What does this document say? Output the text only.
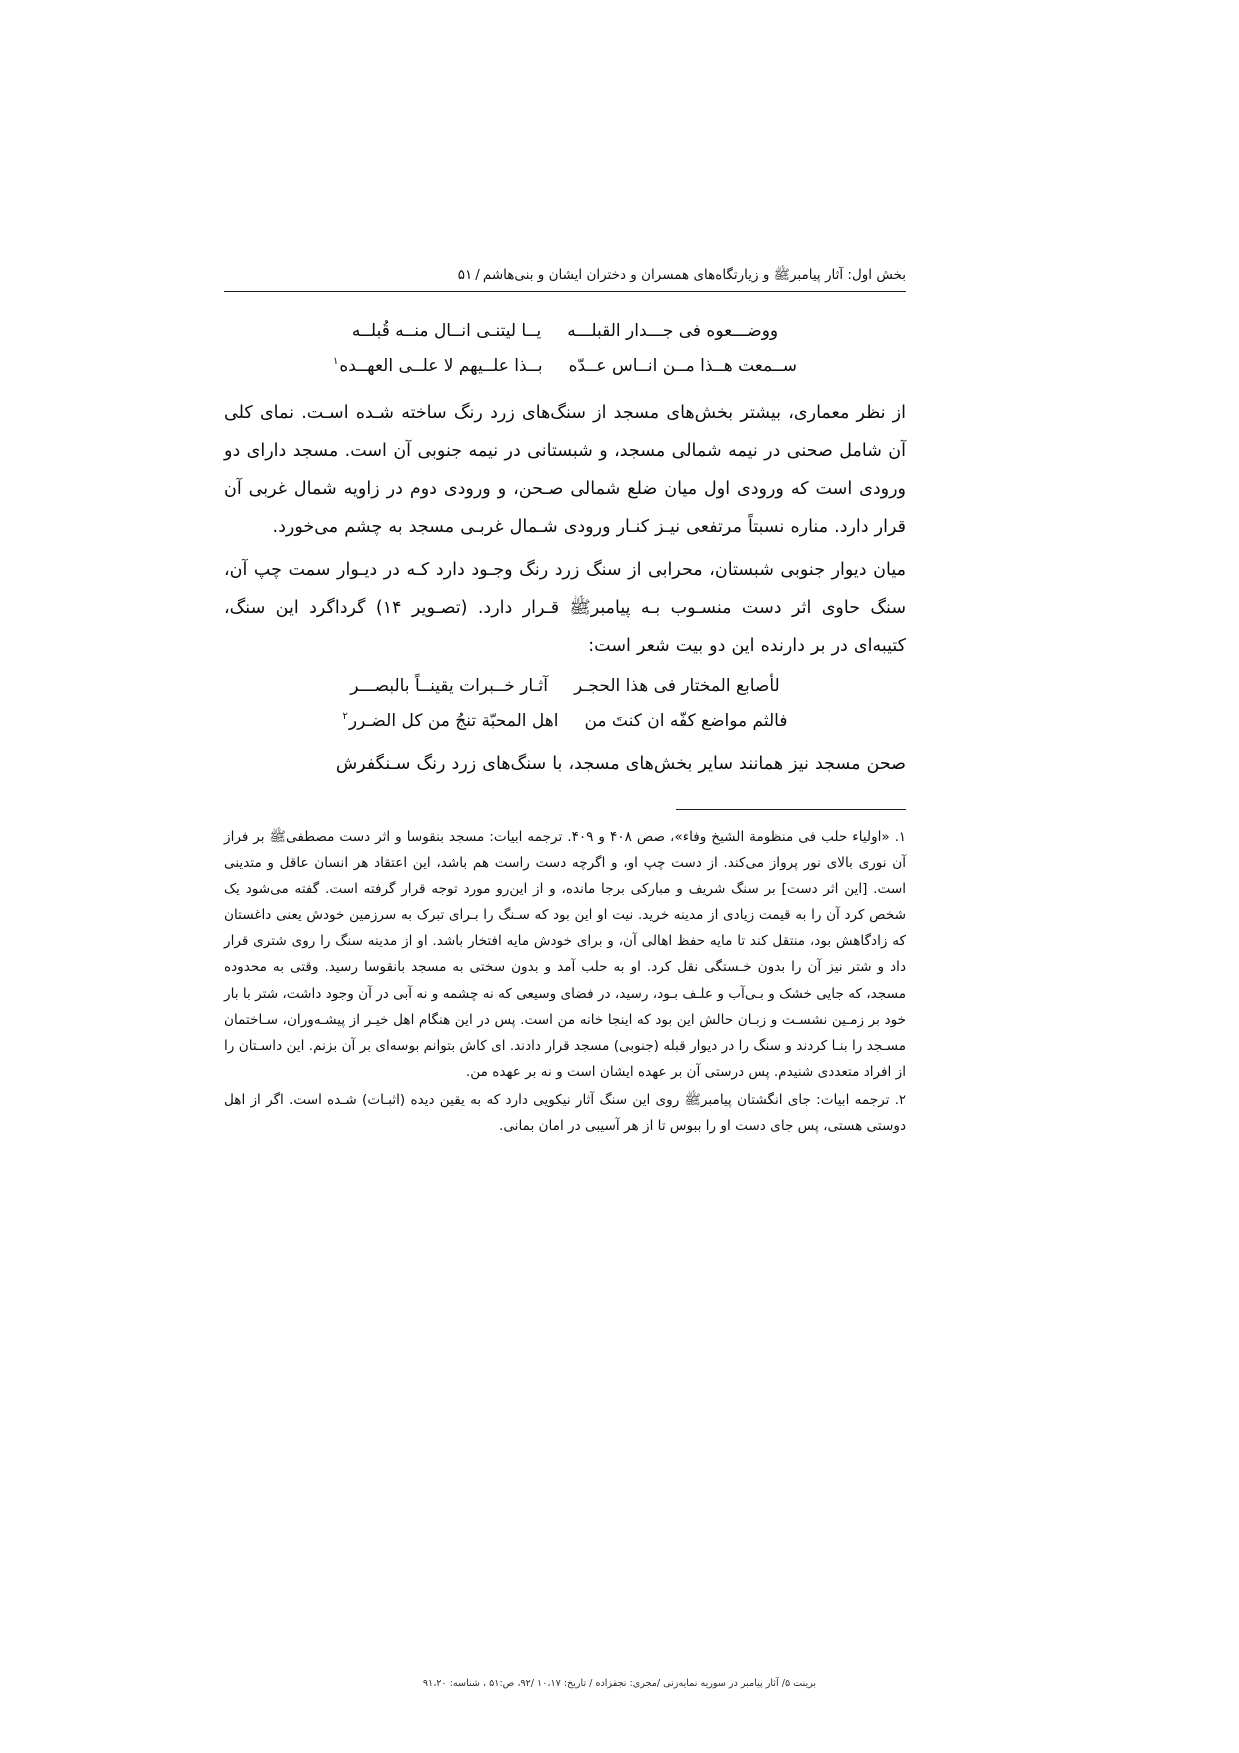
بخش اول: آثار پیامبرﷺ و زیارتگاه‌های همسران و دختران ایشان و بنی‌هاشم/۵۱
ووضـــعوه فی جـــدار القبلـــهیــا لیتنـی انــال منــه قُبلــه
ســمعت هــذا مــن انــاس عــدّهبــذا علــیهم لا علــی العهــده$^۱$

از نظر معماری، بیشتر بخش‌های مسجد از سنگ‌های زرد رنگ ساخته شـده اسـت. نمای کلی آن شامل صحنی در نیمه شمالی مسجد، و شبستانی در نیمه جنوبی آن است. مسجد دارای دو ورودی است که ورودی اول میان ضلع شمالی صـحن، و ورودی دوم در زاویه شمال غربی آن قرار دارد. مناره نسبتاً مرتفعی نیـز کنـار ورودی شـمال غربـی مسجد به چشم می‌خورد.

میان دیوار جنوبی شبستان، محرابی از سنگ زرد رنگ وجـود دارد کـه در دیـوار سمت چپ آن، سنگ حاوی اثر دست منسـوب بـه پیامبرﷺ قـرار دارد. (تصـویر ۱۴) گرداگرد این سنگ، کتیبه‌ای در بر دارنده این دو بیت شعر است:

لأصابع المختار فی هذا الحجـرآثـار خــبرات یقینــاً بالبصـــر
فالثم مواضع کفّه ان کنتَ مناهل المحبّة تنجُ من کل الضـرر$^۲$

صحن مسجد نیز همانند سایر بخش‌های مسجد، با سنگ‌های زرد رنگ سـنگفرش

۱. «اولیاء حلب فی منظومة الشیخ وفاء»، صص ۴۰۸ و ۴۰۹. ترجمه ابیات: مسجد بنقوسا و اثر دست مصطفیﷺ بر فراز آن نوری بالای نور پرواز می‌کند. از دست چپ او، و اگرچه دست راست هم باشد، این اعتقاد هر انسان عاقل و متدینی است. [این اثر دست] بر سنگ شریف و مبارکی برجا مانده، و از این‌رو مورد توجه قرار گرفته است. گفته می‌شود یک شخص کرد آن را به قیمت زیادی از مدینه خرید. نیت او این بود که سـنگ را بـرای تبرک به سرزمین خودش یعنی داغستان که زادگاهش بود، منتقل کند تا مایه حفظ اهالی آن، و برای خودش مایه افتخار باشد. او از مدینه سنگ را روی شتری قرار داد و شتر نیز آن را بدون خـستگی نقل کرد. او به حلب آمد و بدون سختی به مسجد بانقوسا رسید. وقتی به محدوده مسجد، که جایی خشک و بـی‌آب و علـف بـود، رسید، در فضای وسیعی که نه چشمه و نه آبی در آن وجود داشت، شتر با بار خود بر زمـین نشسـت و زبـان حالش این بود که اینجا خانه من است. پس در این هنگام اهل خیـر از پیشـه‌وران، سـاختمان مسـجد را بنـا کردند و سنگ را در دیوار قبله (جنوبی) مسجد قرار دادند. ای کاش بتوانم بوسه‌ای بر آن بزنم. این داسـتان را از افراد متعددی شنیدم. پس درستی آن بر عهده ایشان است و نه بر عهده من.
۲. ترجمه ابیات: جای انگشتان پیامبرﷺ روی این سنگ آثار نیکویی دارد که به یقین دیده (اثبـات) شـده است. اگر از اهل دوستی هستی، پس جای دست او را ببوس تا از هر آسیبی در امان بمانی.
برینت ۵/ آثار پیامبر در سوریه نمایه‌زنی /مجری: نجفزاده / تاریخ: ۱۰،۱۷ /۹۲، ص:۵۱ ، شناسه: ۹۱،۲۰
